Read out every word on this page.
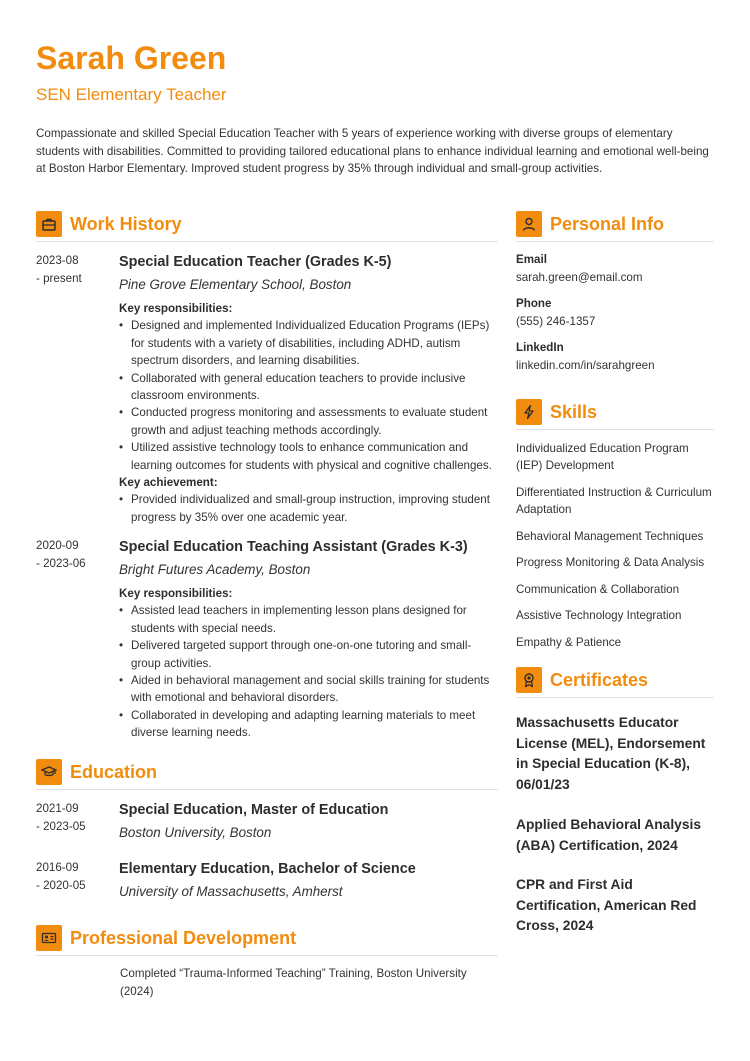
Sarah Green
SEN Elementary Teacher
Compassionate and skilled Special Education Teacher with 5 years of experience working with diverse groups of elementary students with disabilities. Committed to providing tailored educational plans to enhance individual learning and emotional well-being at Boston Harbor Elementary. Improved student progress by 35% through individual and small-group activities.
Work History
2023-08
- present
Special Education Teacher (Grades K-5)
Pine Grove Elementary School, Boston
Key responsibilities:
• Designed and implemented Individualized Education Programs (IEPs) for students with a variety of disabilities, including ADHD, autism spectrum disorders, and learning disabilities.
• Collaborated with general education teachers to provide inclusive classroom environments.
• Conducted progress monitoring and assessments to evaluate student growth and adjust teaching methods accordingly.
• Utilized assistive technology tools to enhance communication and learning outcomes for students with physical and cognitive challenges.
Key achievement:
• Provided individualized and small-group instruction, improving student progress by 35% over one academic year.
2020-09
- 2023-06
Special Education Teaching Assistant (Grades K-3)
Bright Futures Academy, Boston
Key responsibilities:
• Assisted lead teachers in implementing lesson plans designed for students with special needs.
• Delivered targeted support through one-on-one tutoring and small-group activities.
• Aided in behavioral management and social skills training for students with emotional and behavioral disorders.
• Collaborated in developing and adapting learning materials to meet diverse learning needs.
Education
2021-09
- 2023-05
Special Education, Master of Education
Boston University, Boston
2016-09
- 2020-05
Elementary Education, Bachelor of Science
University of Massachusetts, Amherst
Professional Development
Completed “Trauma-Informed Teaching” Training, Boston University (2024)
Personal Info
Email
sarah.green@email.com
Phone
(555) 246-1357
LinkedIn
linkedin.com/in/sarahgreen
Skills
Individualized Education Program (IEP) Development
Differentiated Instruction & Curriculum Adaptation
Behavioral Management Techniques
Progress Monitoring & Data Analysis
Communication & Collaboration
Assistive Technology Integration
Empathy & Patience
Certificates
Massachusetts Educator License (MEL), Endorsement in Special Education (K-8), 06/01/23
Applied Behavioral Analysis (ABA) Certification, 2024
CPR and First Aid Certification, American Red Cross, 2024
